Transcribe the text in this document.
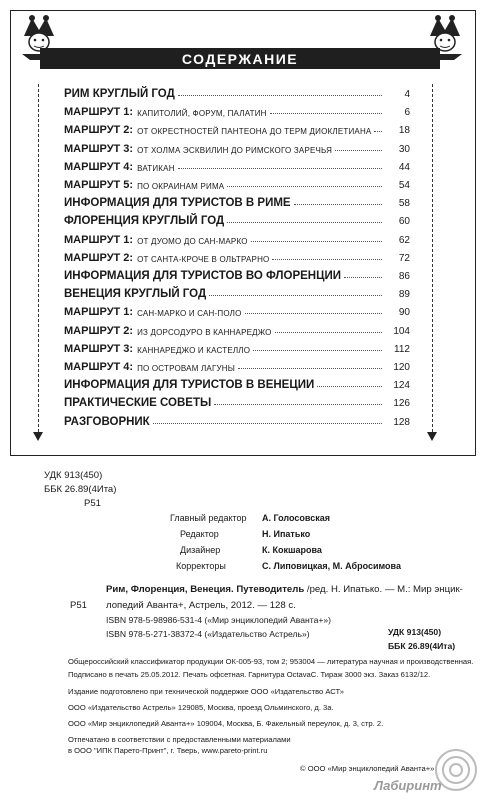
СОДЕРЖАНИЕ
РИМ КРУГЛЫЙ ГОД	4
МАРШРУТ 1: КАПИТОЛИЙ, ФОРУМ, ПАЛАТИН	6
МАРШРУТ 2: ОТ ОКРЕСТНОСТЕЙ ПАНТЕОНА ДО ТЕРМ ДИОКЛЕТИАНА	18
МАРШРУТ 3: ОТ ХОЛМА ЭСКВИЛИН ДО РИМСКОГО ЗАРЕЧЬЯ	30
МАРШРУТ 4: ВАТИКАН	44
МАРШРУТ 5: ПО ОКРАИНАМ РИМА	54
ИНФОРМАЦИЯ ДЛЯ ТУРИСТОВ В РИМЕ	58
ФЛОРЕНЦИЯ КРУГЛЫЙ ГОД	60
МАРШРУТ 1: ОТ ДУОМО ДО САН-МАРКО	62
МАРШРУТ 2: ОТ САНТА-КРОЧЕ В ОЛЬТРАРНО	72
ИНФОРМАЦИЯ ДЛЯ ТУРИСТОВ ВО ФЛОРЕНЦИИ	86
ВЕНЕЦИЯ КРУГЛЫЙ ГОД	89
МАРШРУТ 1: САН-МАРКО И САН-ПОЛО	90
МАРШРУТ 2: ИЗ ДОРСОДУРО В КАННАРЕДЖО	104
МАРШРУТ 3: КАННАРЕДЖО И КАСТЕЛЛО	112
МАРШРУТ 4: ПО ОСТРОВАМ ЛАГУНЫ	120
ИНФОРМАЦИЯ ДЛЯ ТУРИСТОВ В ВЕНЕЦИИ	124
ПРАКТИЧЕСКИЕ СОВЕТЫ	126
РАЗГОВОРНИК	128
УДК 913(450)
ББК 26.89(4Ита)
Р51
Главный редактор А. Голосовская
Редактор	Н. Ипатько
Дизайнер	К. Кокшарова
Корректоры	С. Липовицкая, М. Абросимова
Рим, Флоренция, Венеция. Путеводитель /ред. Н. Ипатько. — М.: Мир энцик-
Р51 лопедий Аванта+, Астрель, 2012. — 128 с.
ISBN 978-5-98986-531-4 («Мир энциклопедий Аванта+»)
ISBN 978-5-271-38372-4 («Издательство Астрель»)	УДК 913(450)
ББК 26.89(4Ита)
Общероссийский классификатор продукции ОК-005-93, том 2; 953004 — литература научная и производственная.
Подписано в печать 25.05.2012. Печать офсетная. Гарнитура OctavaC. Тираж 3000 экз. Заказ 6132/12.
Издание подготовлено при технической поддержке ООО «Издательство АСТ»
ООО «Издательство Астрель» 129085, Москва, проезд Ольминского, д. 3а.
ООО «Мир энциклопедий Аванта+» 109004, Москва, Б. Факельный переулок, д. 3, стр. 2.
Отпечатано в соответствии с предоставленными материалами
в ООО "ИПК Парето-Принт", г. Тверь, www.pareto-print.ru
© ООО «Мир энциклопедий Аванта+»
Лабиринт
